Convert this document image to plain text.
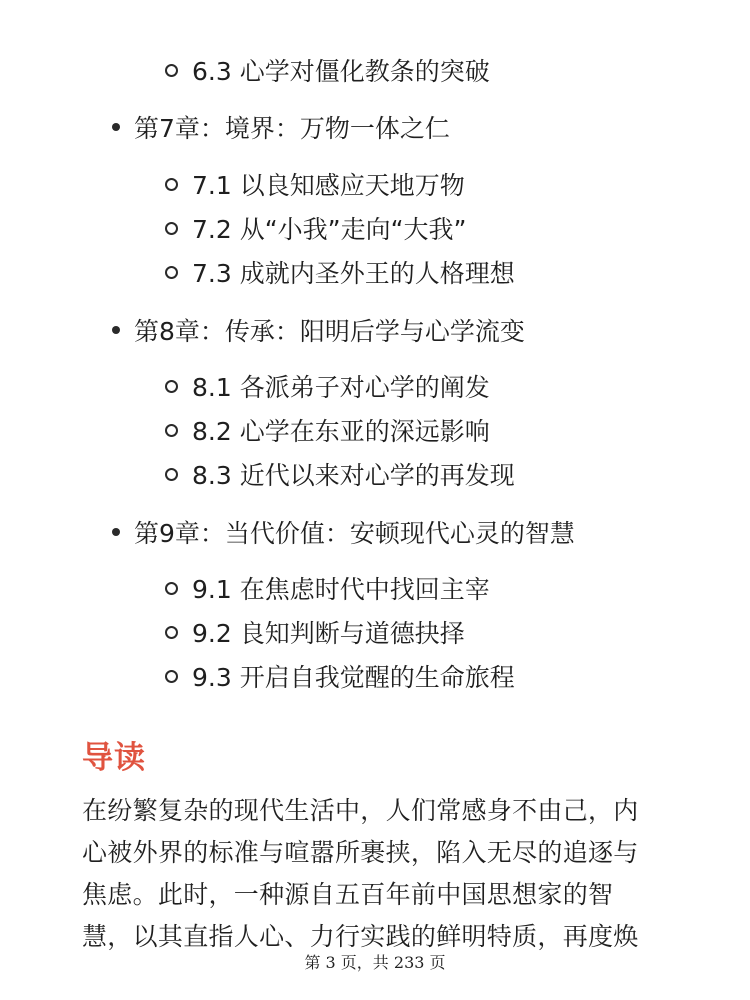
6.3 心学对僵化教条的突破
第7章：境界：万物一体之仁
7.1 以良知感应天地万物
7.2 从“小我”走向“大我”
7.3 成就内圣外王的人格理想
第8章：传承：阳明后学与心学流变
8.1 各派弟子对心学的阐发
8.2 心学在东亚的深远影响
8.3 近代以来对心学的再发现
第9章：当代价值：安顿现代心灵的智慧
9.1 在焦虑时代中找回主宰
9.2 良知判断与道德抉择
9.3 开启自我觉醒的生命旅程
导读
在纷繁复杂的现代生活中，人们常感身不由己，内
心被外界的标准与喧嚣所裹挟，陷入无尽的追逐与
焦虑。此时，一种源自五百年前中国思想家的智
慧，以其直指人心、力行实践的鲜明特质，再度焕
第 3 页，共 233 页
